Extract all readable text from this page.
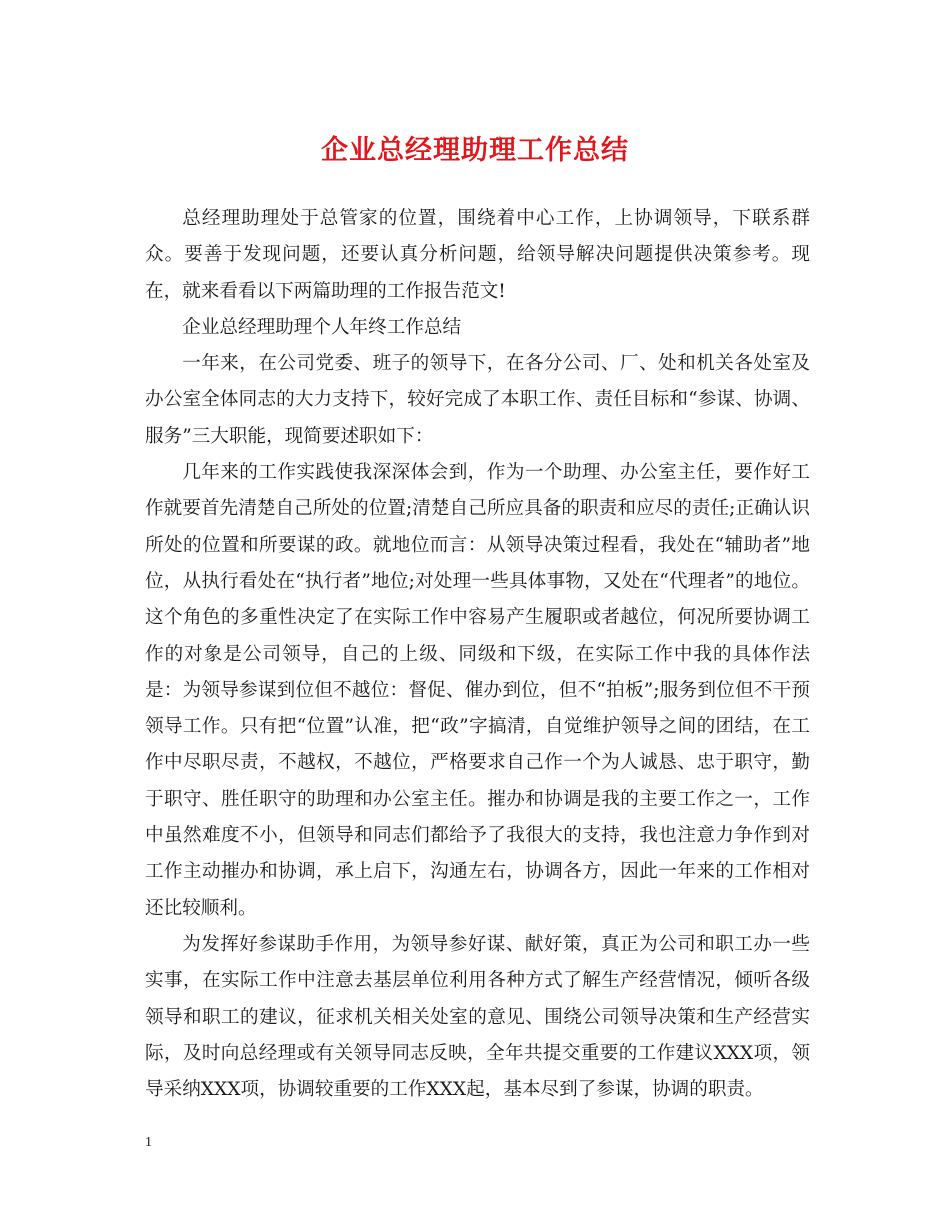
企业总经理助理工作总结

总经理助理处于总管家的位置，围绕着中心工作，上协调领导，下联系群众。要善于发现问题，还要认真分析问题，给领导解决问题提供决策参考。现在，就来看看以下两篇助理的工作报告范文!

企业总经理助理个人年终工作总结

一年来，在公司党委、班子的领导下，在各分公司、厂、处和机关各处室及办公室全体同志的大力支持下，较好完成了本职工作、责任目标和“参谋、协调、服务”三大职能，现简要述职如下：

几年来的工作实践使我深深体会到，作为一个助理、办公室主任，要作好工作就要首先清楚自己所处的位置;清楚自己所应具备的职责和应尽的责任;正确认识所处的位置和所要谋的政。就地位而言：从领导决策过程看，我处在“辅助者”地位，从执行看处在“执行者”地位;对处理一些具体事物，又处在“代理者”的地位。这个角色的多重性决定了在实际工作中容易产生履职或者越位，何况所要协调工作的对象是公司领导，自己的上级、同级和下级，在实际工作中我的具体作法是：为领导参谋到位但不越位：督促、催办到位，但不“拍板”;服务到位但不干预领导工作。只有把“位置”认准，把“政”字搞清，自觉维护领导之间的团结，在工作中尽职尽责，不越权，不越位，严格要求自己作一个为人诚恳、忠于职守，勤于职守、胜任职守的助理和办公室主任。摧办和协调是我的主要工作之一，工作中虽然难度不小，但领导和同志们都给予了我很大的支持，我也注意力争作到对工作主动摧办和协调，承上启下，沟通左右，协调各方，因此一年来的工作相对还比较顺利。

为发挥好参谋助手作用，为领导参好谋、献好策，真正为公司和职工办一些实事，在实际工作中注意去基层单位利用各种方式了解生产经营情况，倾听各级领导和职工的建议，征求机关相关处室的意见、围绕公司领导决策和生产经营实际，及时向总经理或有关领导同志反映，全年共提交重要的工作建议XXX项，领导采纳XXX项，协调较重要的工作XXX起，基本尽到了参谋，协调的职责。

1
